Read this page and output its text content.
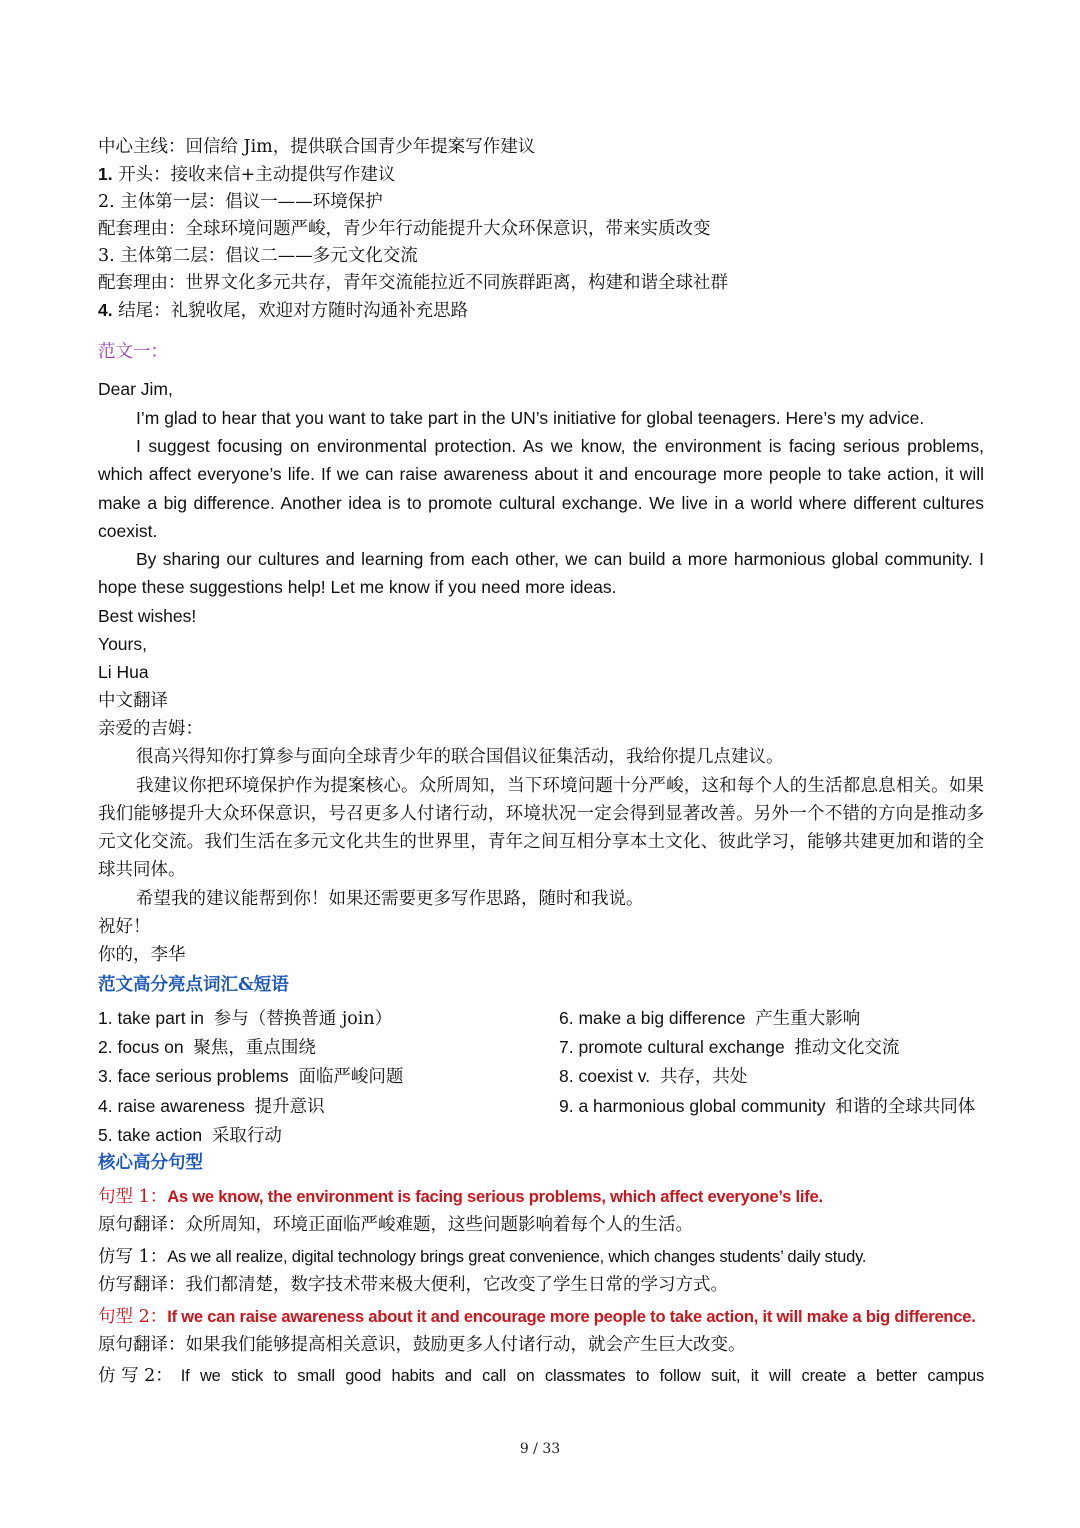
中心主线：回信给 Jim，提供联合国青少年提案写作建议
1. 开头：接收来信+主动提供写作建议
2. 主体第一层：倡议一——环境保护
配套理由：全球环境问题严峻，青少年行动能提升大众环保意识，带来实质改变
3. 主体第二层：倡议二——多元文化交流
配套理由：世界文化多元共存，青年交流能拉近不同族群距离，构建和谐全球社群
4. 结尾：礼貌收尾，欢迎对方随时沟通补充思路
范文一：
Dear Jim,
I’m glad to hear that you want to take part in the UN’s initiative for global teenagers. Here’s my advice.
I suggest focusing on environmental protection. As we know, the environment is facing serious problems, which affect everyone’s life. If we can raise awareness about it and encourage more people to take action, it will make a big difference. Another idea is to promote cultural exchange. We live in a world where different cultures coexist.
By sharing our cultures and learning from each other, we can build a more harmonious global community. I hope these suggestions help! Let me know if you need more ideas.
Best wishes!
Yours,
Li Hua
中文翻译
亲爱的吉姆：
很高兴得知你打算参与面向全球青少年的联合国倡议征集活动，我给你提几点建议。
我建议你把环境保护作为提案核心。众所周知，当下环境问题十分严峻，这和每个人的生活都息息相关。如果我们能够提升大众环保意识，号召更多人付诸行动，环境状况一定会得到显著改善。另外一个不错的方向是推动多元文化交流。我们生活在多元文化共生的世界里，青年之间互相分享本土文化、彼此学习，能够共建更加和谐的全球共同体。
希望我的建议能帮到你！如果还需要更多写作思路，随时和我说。
祝好！
你的，李华
范文高分亮点词汇&短语
1. take part in 参与（替换普通 join）
2. focus on 聚焦，重点围绕
3. face serious problems 面临严峻问题
4. raise awareness 提升意识
5. take action 采取行动
6. make a big difference 产生重大影响
7. promote cultural exchange 推动文化交流
8. coexist v. 共存，共处
9. a harmonious global community 和谐的全球共同体
核心高分句型
句型 1：As we know, the environment is facing serious problems, which affect everyone’s life.
原句翻译：众所周知，环境正面临严峻难题，这些问题影响着每个人的生活。
仿写 1：As we all realize, digital technology brings great convenience, which changes students’ daily study.
仿写翻译：我们都清楚，数字技术带来极大便利，它改变了学生日常的学习方式。
句型 2：If we can raise awareness about it and encourage more people to take action, it will make a big difference.
原句翻译：如果我们能够提高相关意识，鼓励更多人付诸行动，就会产生巨大改变。
仿 写 2： If we stick to small good habits and call on classmates to follow suit, it will create a better campus
9 / 33
